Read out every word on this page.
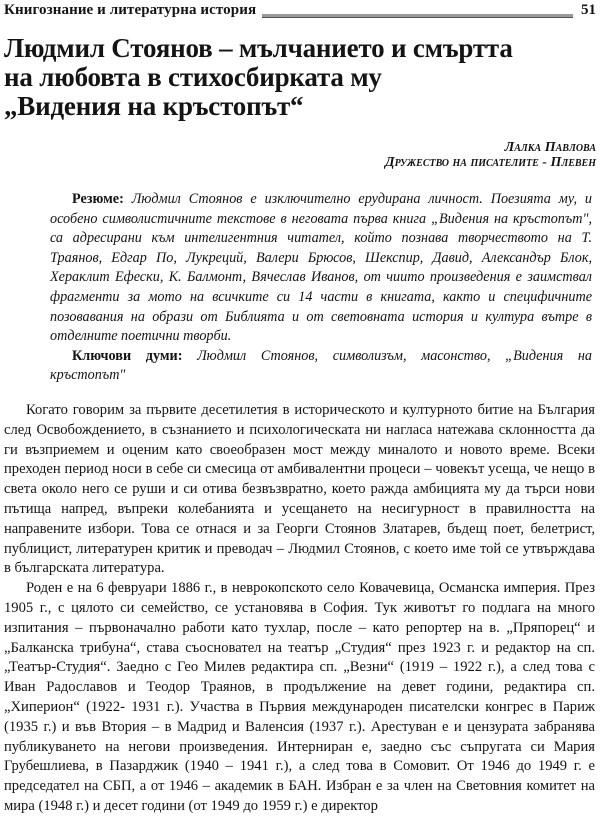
Книгознание и литературна история	51
Людмил Стоянов – мълчанието и смъртта
на любовта в стихосбирката му
„Видения на кръстопът“
Лалка Павлова
Дружество на писателите - Плевен

Резюме: Людмил Стоянов е изключително ерудирана личност. Поезията му, и особено символистичните текстове в неговата първа книга „Видения на кръстопът", са адресирани към интелигентния читател, който познава творчеството на Т. Траянов, Едгар По, Лукреций, Валери Брюсов, Шекспир, Давид, Александър Блок, Хераклит Ефески, К. Балмонт, Вячеслав Иванов, от чиито произведения е заимствал фрагменти за мото на всичките си 14 части в книгата, както и специфичните позовавания на образи от Библията и от световната история и култура вътре в отделните поетични творби.

Ключови думи: Людмил Стоянов, символизъм, масонство, „Видения на кръстопът"

Когато говорим за първите десетилетия в историческото и културното битие на България след Освобождението, в съзнанието и психологическата ни нагласа натежава склонността да ги възприемем и оценим като своеобразен мост между миналото и новото време. Всеки преходен период носи в себе си смесица от амбивалентни процеси – човекът усеща, че нещо в света около него се руши и си отива безвъзвратно, което ражда амбицията му да търси нови пътища напред, въпреки колебанията и усещането на несигурност в правилността на направените избори. Това се отнася и за Георги Стоянов Златарев, бъдещ поет, белетрист, публицист, литературен критик и преводач – Людмил Стоянов, с което име той се утвърждава в българската литература.

Роден е на 6 февруари 1886 г., в неврокопското село Ковачевица, Османска империя. През 1905 г., с цялото си семейство, се установява в София. Тук животът го подлага на много изпитания – първоначално работи като тухлар, после – като репортер на в. „Пряпорец“ и „Балканска трибуна“, става съосновател на театър „Студия“ през 1923 г. и редактор на сп. „Театър-Студия“. Заедно с Гео Милев редактира сп. „Везни“ (1919 – 1922 г.), а след това с Иван Радославов и Теодор Траянов, в продължение на девет години, редактира сп. „Хиперион“ (1922- 1931 г.). Участва в Първия международен писателски конгрес в Париж (1935 г.) и във Втория – в Мадрид и Валенсия (1937 г.). Арестуван е и цензурата забранява публикуването на негови произведения. Интерниран е, заедно със съпругата си Мария Грубешлиева, в Пазарджик (1940 – 1941 г.), а след това в Сомовит. От 1946 до 1949 г. е председател на СБП, а от 1946 – академик в БАН. Избран е за член на Световния комитет на мира (1948 г.) и десет години (от 1949 до 1959 г.) е директор
